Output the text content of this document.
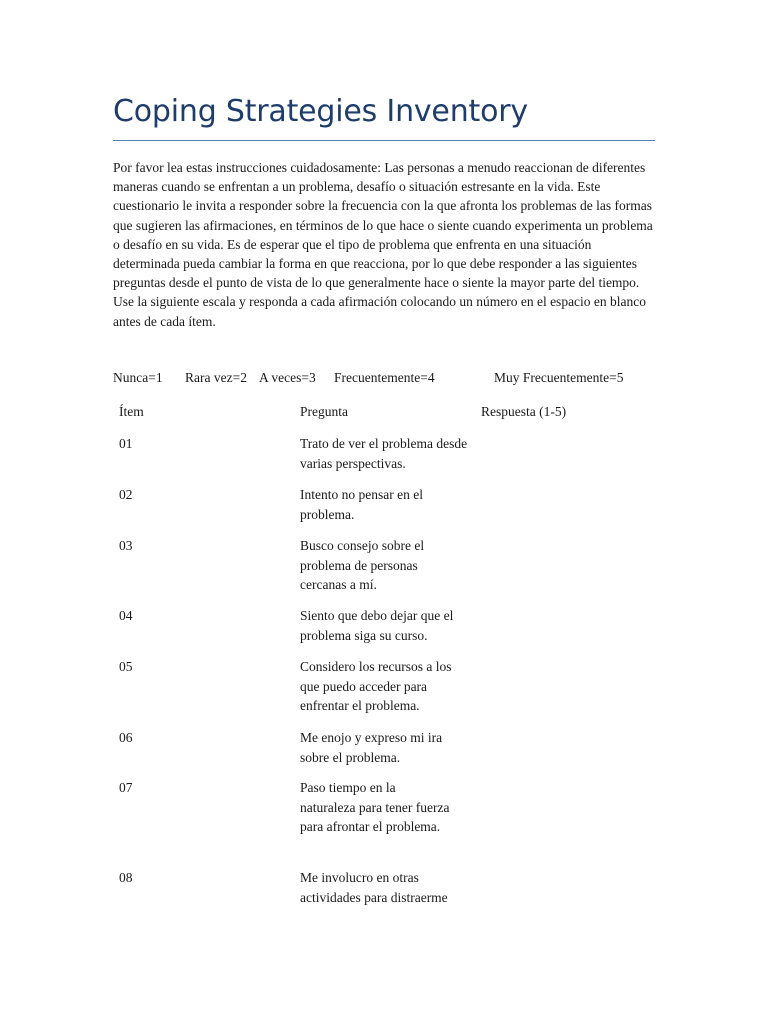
Coping Strategies Inventory

Por favor lea estas instrucciones cuidadosamente: Las personas a menudo reaccionan de diferentes maneras cuando se enfrentan a un problema, desafío o situación estresante en la vida. Este cuestionario le invita a responder sobre la frecuencia con la que afronta los problemas de las formas que sugieren las afirmaciones, en términos de lo que hace o siente cuando experimenta un problema o desafío en su vida. Es de esperar que el tipo de problema que enfrenta en una situación determinada pueda cambiar la forma en que reacciona, por lo que debe responder a las siguientes preguntas desde el punto de vista de lo que generalmente hace o siente la mayor parte del tiempo.

Use la siguiente escala y responda a cada afirmación colocando un número en el espacio en blanco antes de cada ítem.

Nunca=1 Rara vez=2 A veces=3 Frecuentemente=4	Muy Frecuentemente=5
Ítem	Pregunta	Respuesta (1-5)
01	Trato de ver el problema desde varias perspectivas.
02	Intento no pensar en el problema.
03	Busco consejo sobre el problema de personas cercanas a mí.
04	Siento que debo dejar que el problema siga su curso.
05	Considero los recursos a los que puedo acceder para enfrentar el problema.
06	Me enojo y expreso mi ira sobre el problema.
07	Paso tiempo en la naturaleza para tener fuerza para afrontar el problema.
08	Me involucro en otras actividades para distraerme
